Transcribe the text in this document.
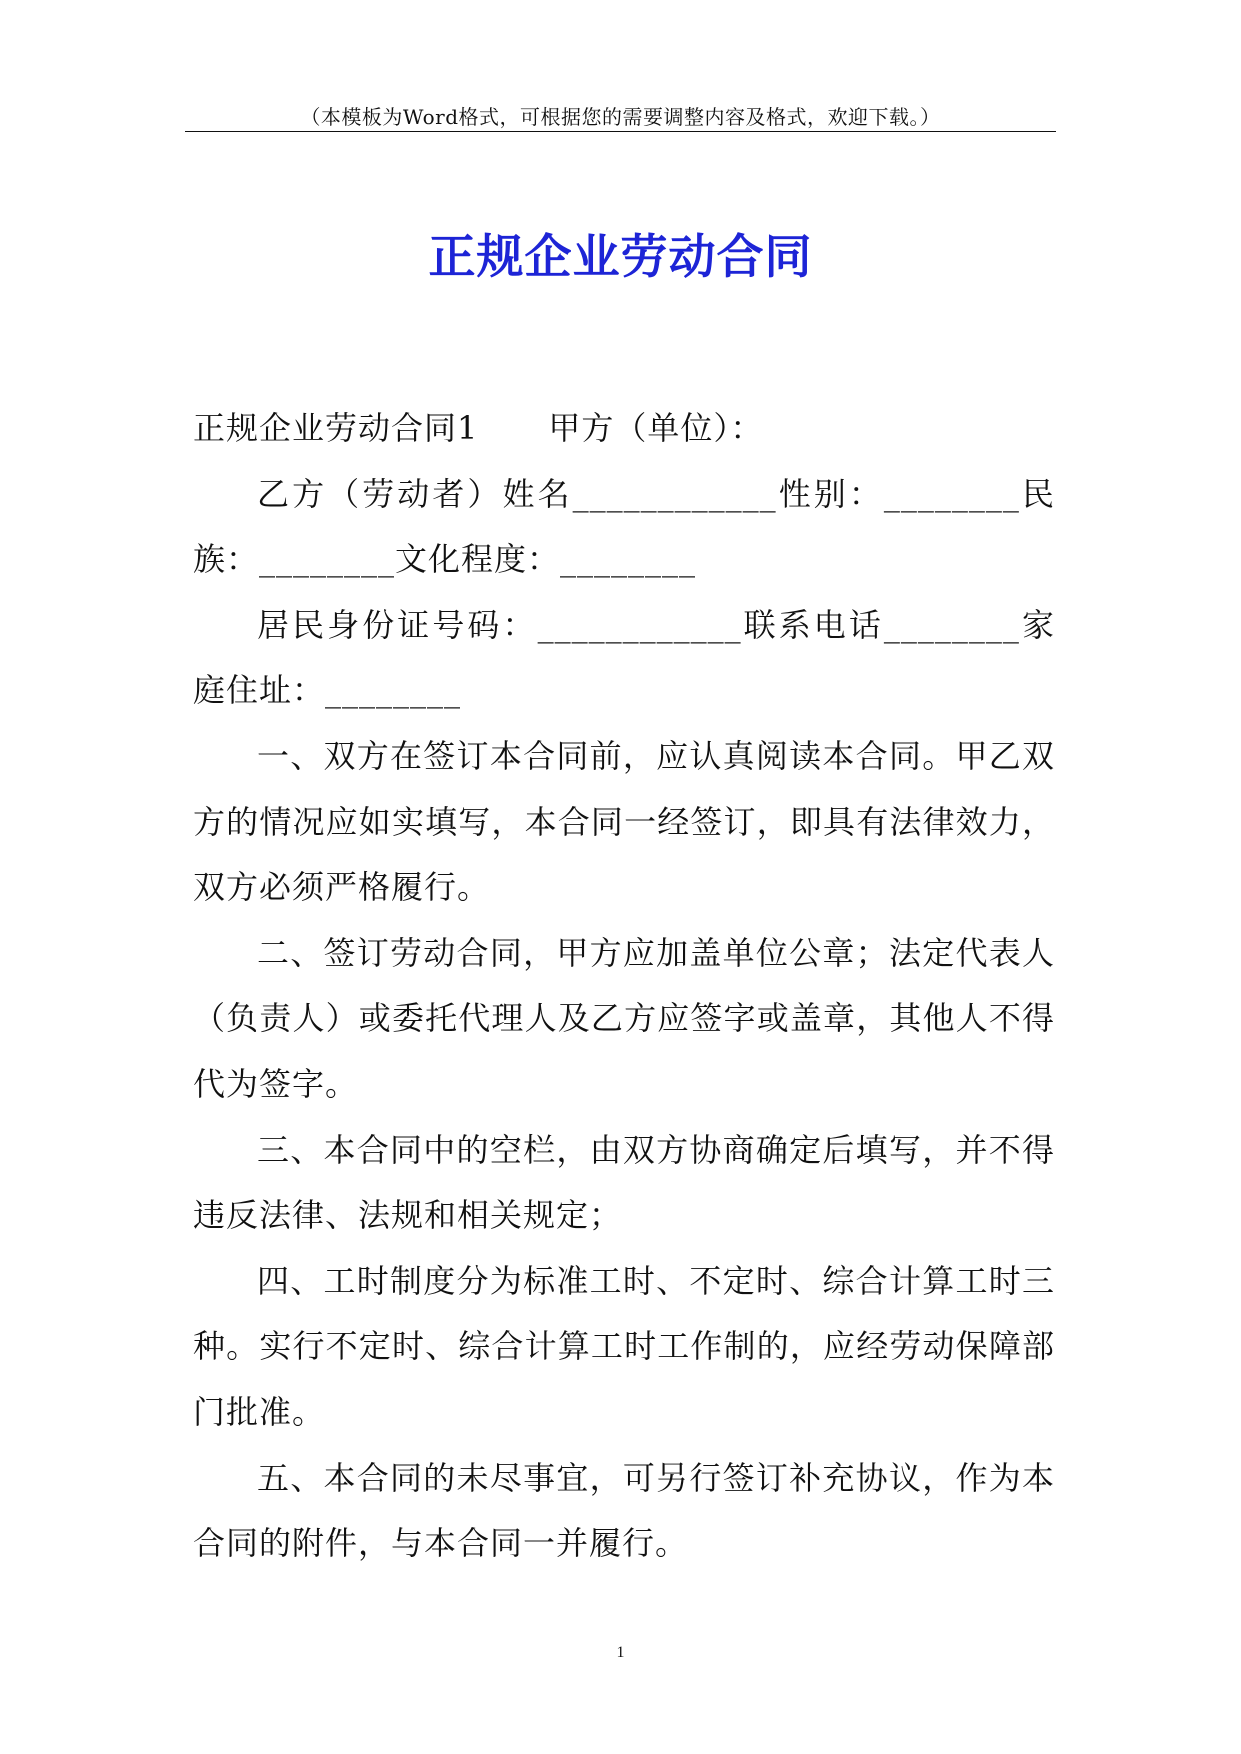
（本模板为Word格式，可根据您的需要调整内容及格式，欢迎下载。）
正规企业劳动合同

正规企业劳动合同1 甲方（单位）：

乙方（劳动者）姓名____________性别：________民族：________文化程度：________

居民身份证号码：____________联系电话________家庭住址：________

一、双方在签订本合同前，应认真阅读本合同。甲乙双方的情况应如实填写，本合同一经签订，即具有法律效力，双方必须严格履行。

二、签订劳动合同，甲方应加盖单位公章；法定代表人（负责人）或委托代理人及乙方应签字或盖章，其他人不得代为签字。

三、本合同中的空栏，由双方协商确定后填写，并不得违反法律、法规和相关规定；

四、工时制度分为标准工时、不定时、综合计算工时三种。实行不定时、综合计算工时工作制的，应经劳动保障部门批准。

五、本合同的未尽事宜，可另行签订补充协议，作为本合同的附件，与本合同一并履行。

1
